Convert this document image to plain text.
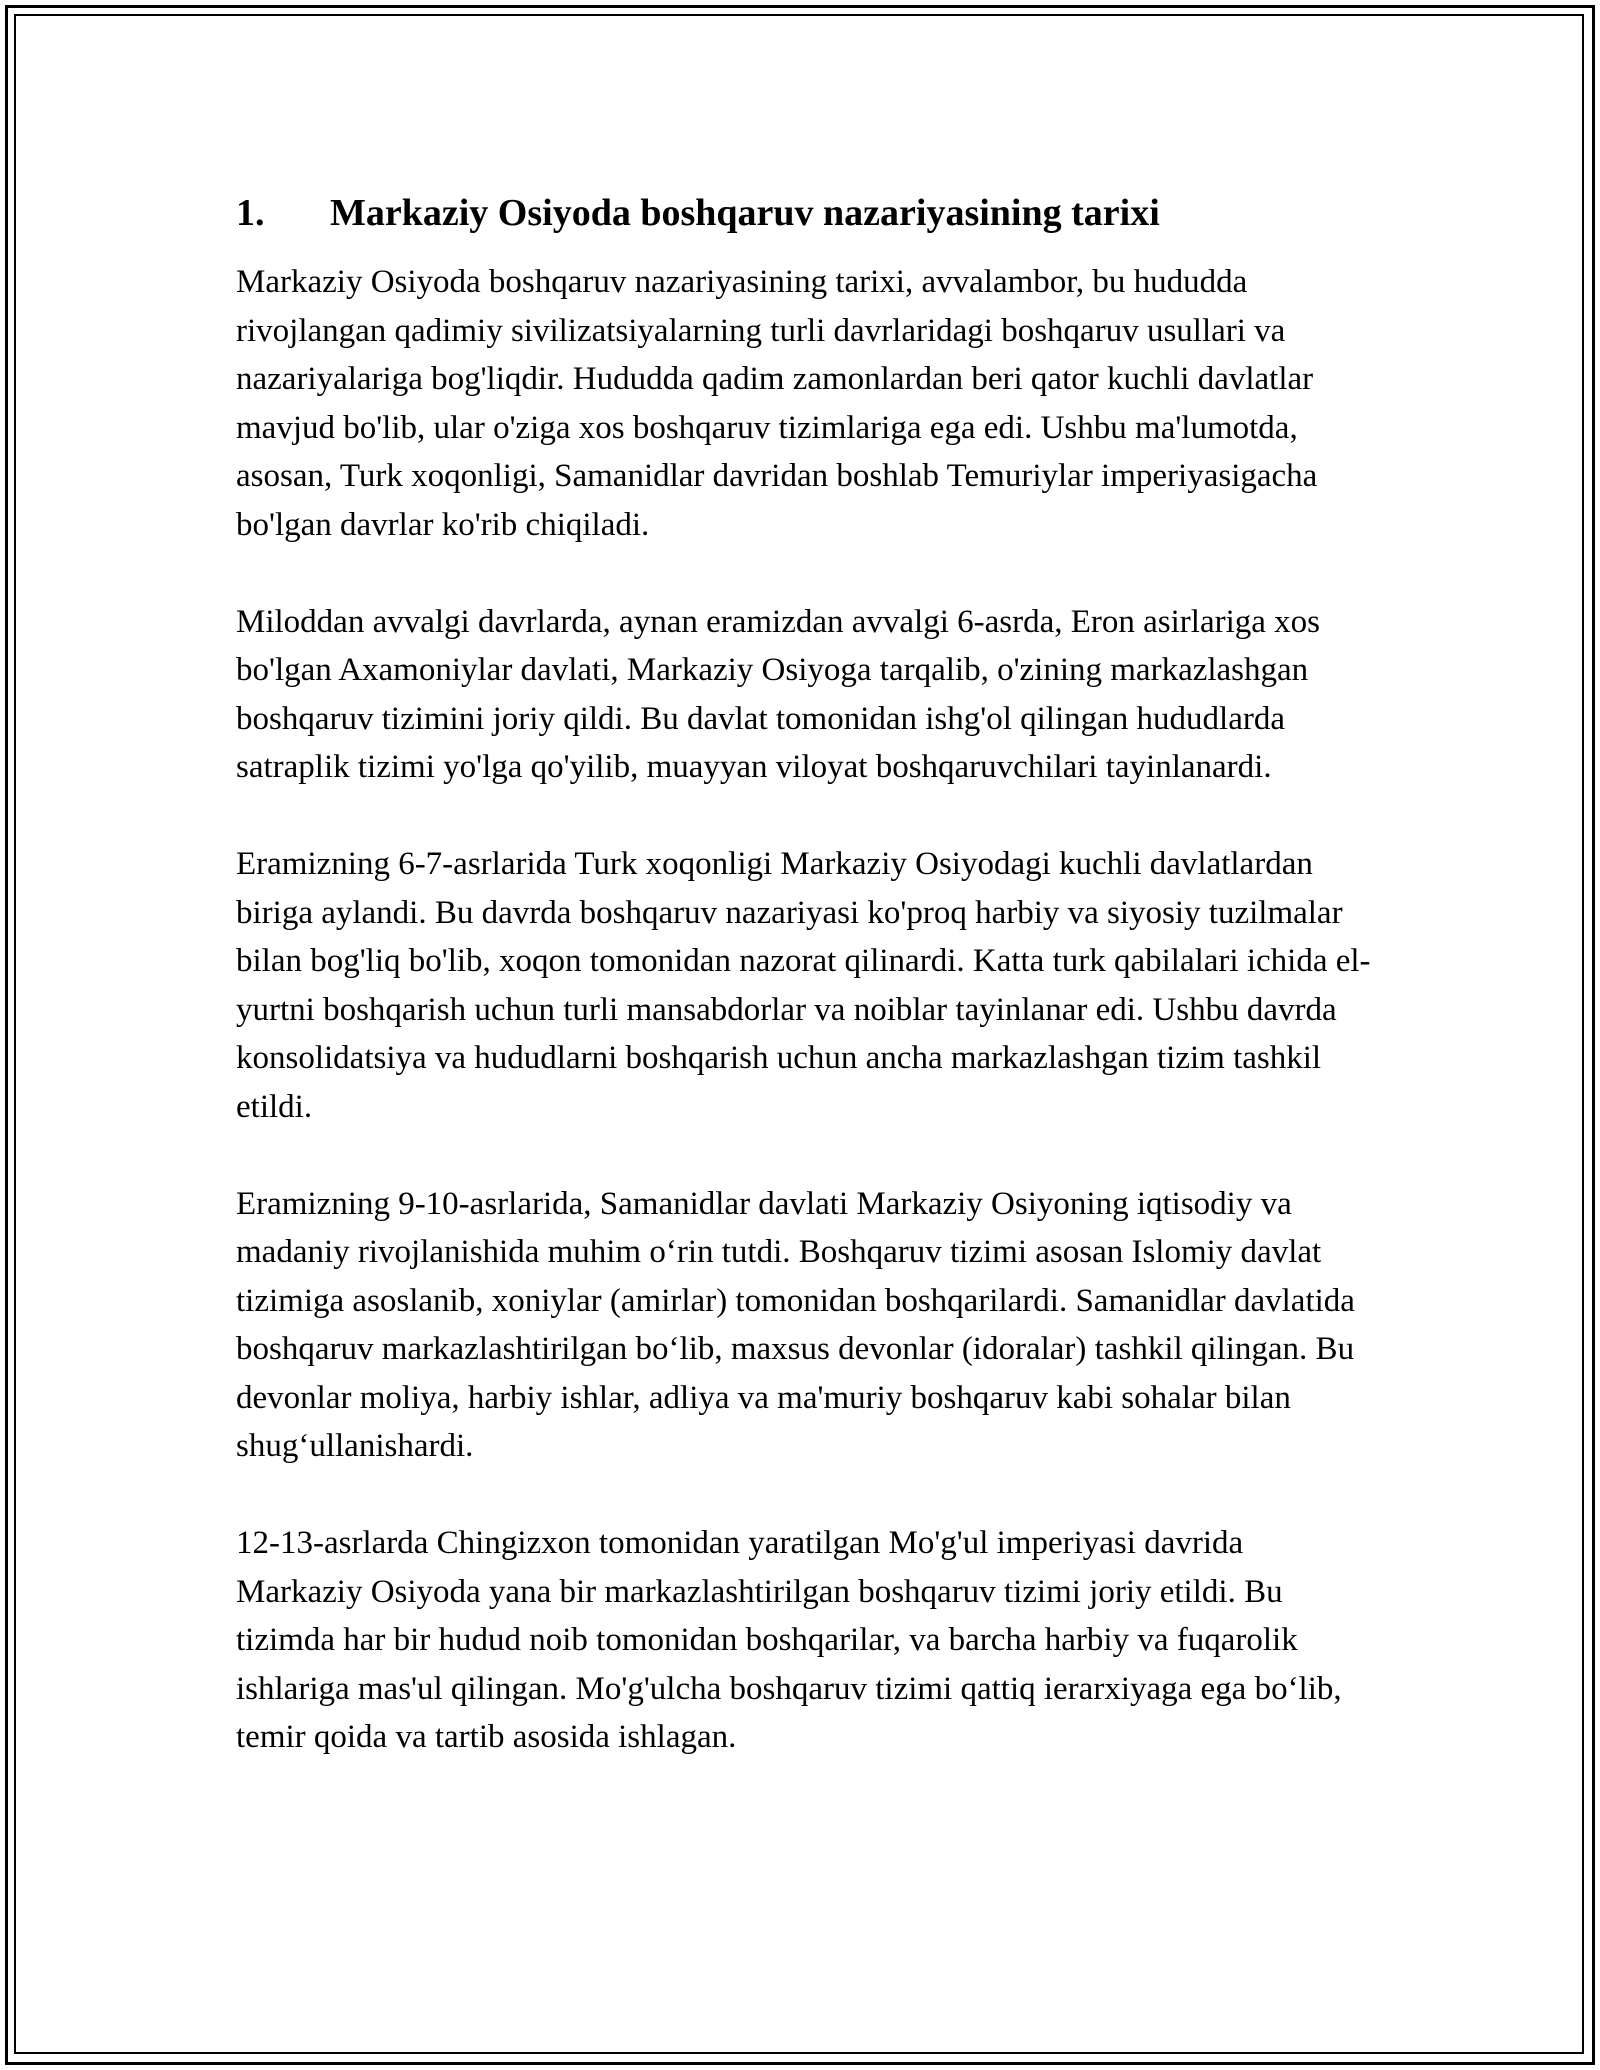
1. Markaziy Osiyoda boshqaruv nazariyasining tarixi

Markaziy Osiyoda boshqaruv nazariyasining tarixi, avvalambor, bu hududda rivojlangan qadimiy sivilizatsiyalarning turli davrlaridagi boshqaruv usullari va nazariyalariga bog'liqdir. Hududda qadim zamonlardan beri qator kuchli davlatlar mavjud bo'lib, ular o'ziga xos boshqaruv tizimlariga ega edi. Ushbu ma'lumotda, asosan, Turk xoqonligi, Samanidlar davridan boshlab Temuriylar imperiyasigacha bo'lgan davrlar ko'rib chiqiladi.

Miloddan avvalgi davrlarda, aynan eramizdan avvalgi 6-asrda, Eron asirlariga xos bo'lgan Axamoniylar davlati, Markaziy Osiyoga tarqalib, o'zining markazlashgan boshqaruv tizimini joriy qildi. Bu davlat tomonidan ishg'ol qilingan hududlarda satraplik tizimi yo'lga qo'yilib, muayyan viloyat boshqaruvchilari tayinlanardi.

Eramizning 6-7-asrlarida Turk xoqonligi Markaziy Osiyodagi kuchli davlatlardan biriga aylandi. Bu davrda boshqaruv nazariyasi ko'proq harbiy va siyosiy tuzilmalar bilan bog'liq bo'lib, xoqon tomonidan nazorat qilinardi. Katta turk qabilalari ichida el-yurtni boshqarish uchun turli mansabdorlar va noiblar tayinlanar edi. Ushbu davrda konsolidatsiya va hududlarni boshqarish uchun ancha markazlashgan tizim tashkil etildi.

Eramizning 9-10-asrlarida, Samanidlar davlati Markaziy Osiyoning iqtisodiy va madaniy rivojlanishida muhim o‘rin tutdi. Boshqaruv tizimi asosan Islomiy davlat tizimiga asoslanib, xoniylar (amirlar) tomonidan boshqarilardi. Samanidlar davlatida boshqaruv markazlashtirilgan bo‘lib, maxsus devonlar (idoralar) tashkil qilingan. Bu devonlar moliya, harbiy ishlar, adliya va ma'muriy boshqaruv kabi sohalar bilan shug‘ullanishardi.

12-13-asrlarda Chingizxon tomonidan yaratilgan Mo'g'ul imperiyasi davrida Markaziy Osiyoda yana bir markazlashtirilgan boshqaruv tizimi joriy etildi. Bu tizimda har bir hudud noib tomonidan boshqarilar, va barcha harbiy va fuqarolik ishlariga mas'ul qilingan. Mo'g'ulcha boshqaruv tizimi qattiq ierarxiyaga ega bo‘lib, temir qoida va tartib asosida ishlagan.
